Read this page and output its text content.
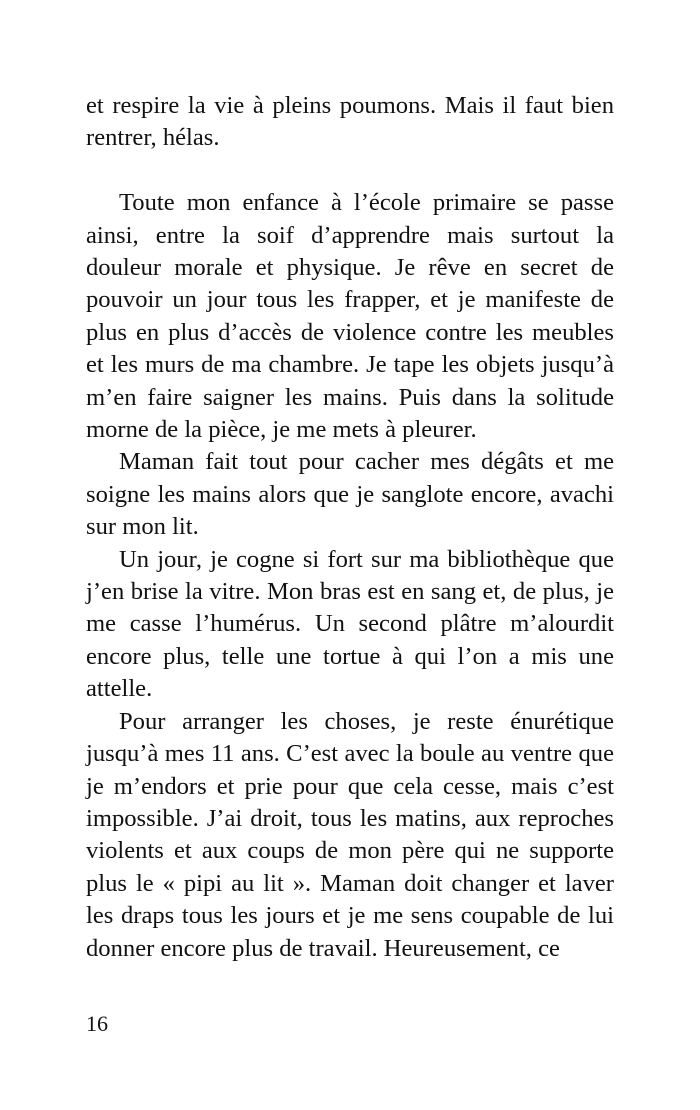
et respire la vie à pleins poumons. Mais il faut bien rentrer, hélas.

Toute mon enfance à l’école primaire se passe ainsi, entre la soif d’apprendre mais surtout la douleur morale et physique. Je rêve en secret de pouvoir un jour tous les frapper, et je manifeste de plus en plus d’accès de violence contre les meubles et les murs de ma chambre. Je tape les objets jusqu’à m’en faire saigner les mains. Puis dans la solitude morne de la pièce, je me mets à pleurer.

Maman fait tout pour cacher mes dégâts et me soigne les mains alors que je sanglote encore, avachi sur mon lit.

Un jour, je cogne si fort sur ma bibliothèque que j’en brise la vitre. Mon bras est en sang et, de plus, je me casse l’humérus. Un second plâtre m’alourdit encore plus, telle une tortue à qui l’on a mis une attelle.

Pour arranger les choses, je reste énurétique jusqu’à mes 11 ans. C’est avec la boule au ventre que je m’endors et prie pour que cela cesse, mais c’est impossible. J’ai droit, tous les matins, aux reproches violents et aux coups de mon père qui ne supporte plus le « pipi au lit ». Maman doit changer et laver les draps tous les jours et je me sens coupable de lui donner encore plus de travail. Heureusement, ce

16
